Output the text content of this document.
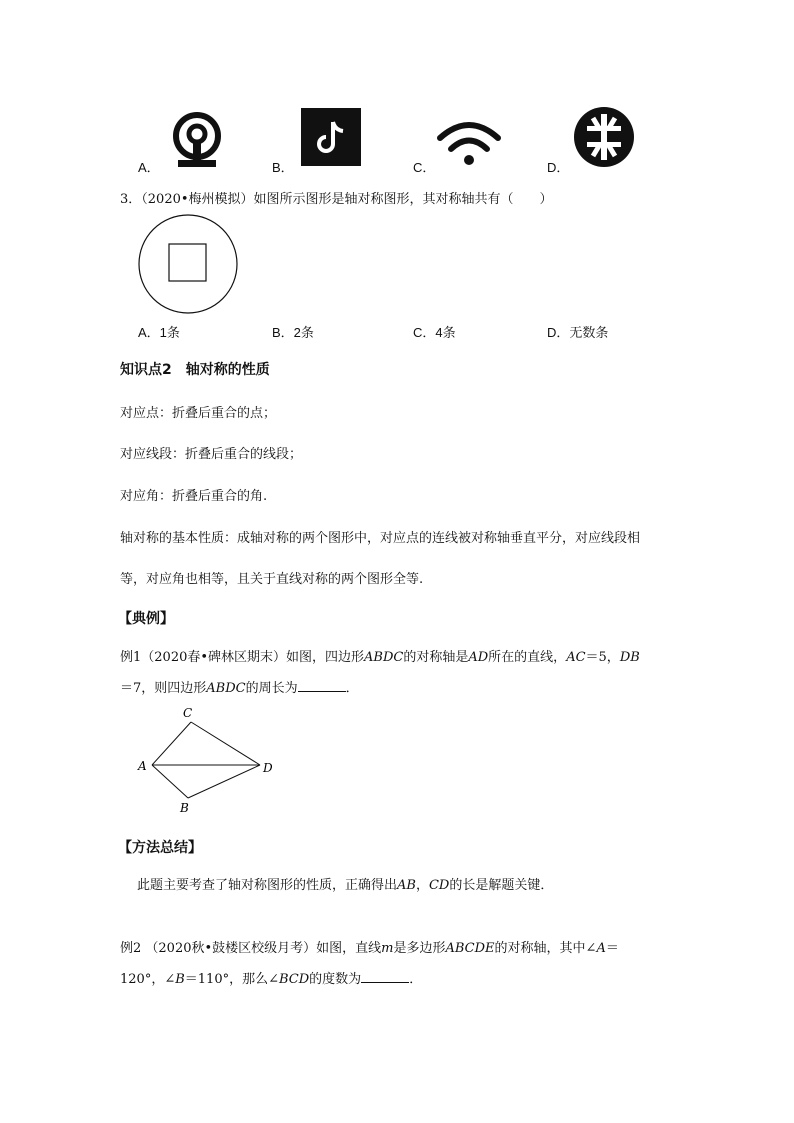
A．	B．	C．	D．
3．（2020•梅州模拟）如图所示图形是轴对称图形，其对称轴共有（　　）
A．1条	B．2条	C．4条	D．无数条
知识点2　轴对称的性质
对应点：折叠后重合的点；
对应线段：折叠后重合的线段；
对应角：折叠后重合的角.
轴对称的基本性质：成轴对称的两个图形中，对应点的连线被对称轴垂直平分，对应线段相
等，对应角也相等，且关于直线对称的两个图形全等.
【典例】
例1（2020春•碑林区期末）如图，四边形ABDC的对称轴是AD所在的直线，AC＝5，DB
＝7，则四边形ABDC的周长为	．
C
A	D
B
【方法总结】
此题主要考查了轴对称图形的性质，正确得出AB，CD的长是解题关键．
例2 （2020秋•鼓楼区校级月考）如图，直线m是多边形ABCDE的对称轴，其中∠A＝
120°，∠B＝110°，那么∠BCD的度数为	．
